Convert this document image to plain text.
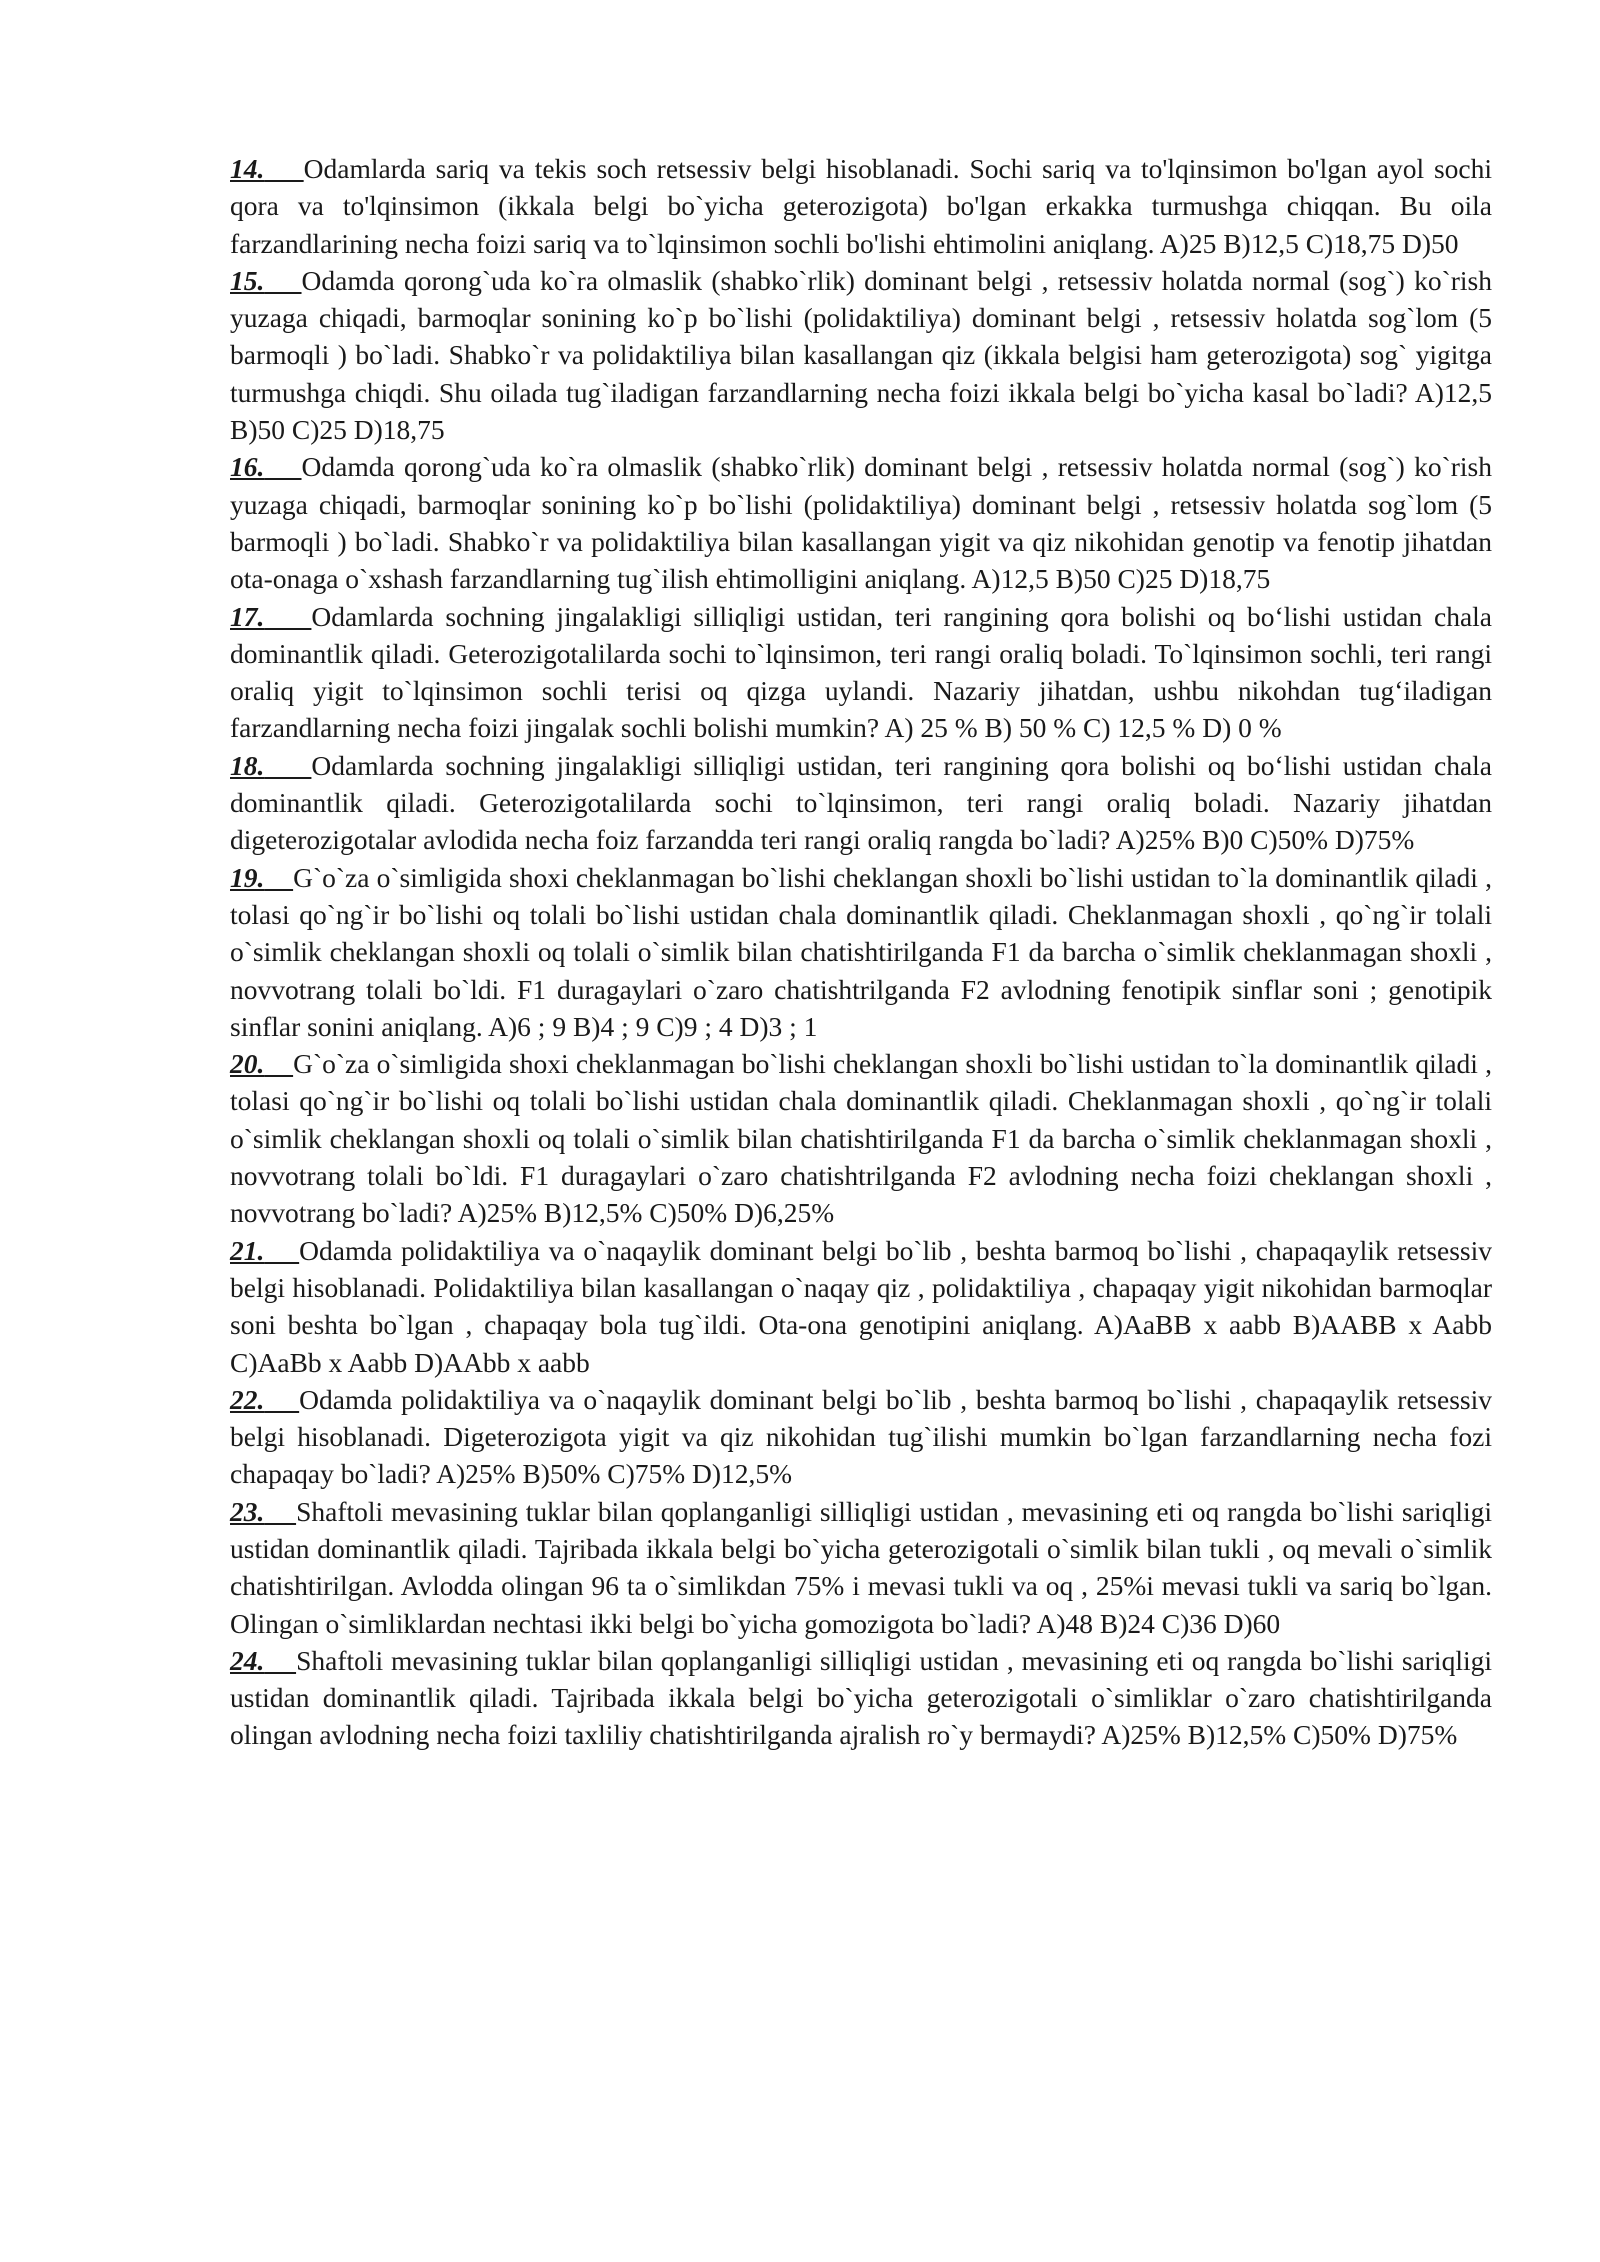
14. Odamlarda sariq va tekis soch retsessiv belgi hisoblanadi. Sochi sariq va to'lqinsimon bo'lgan ayol sochi qora va to'lqinsimon (ikkala belgi bo`yicha geterozigota) bo'lgan erkakka turmushga chiqqan. Bu oila farzandlarining necha foizi sariq va to`lqinsimon sochli bo'lishi ehtimolini aniqlang. A)25 B)12,5 C)18,75 D)50

15. Odamda qorong`uda ko`ra olmaslik (shabko`rlik) dominant belgi , retsessiv holatda normal (sog`) ko`rish yuzaga chiqadi, barmoqlar sonining ko`p bo`lishi (polidaktiliya) dominant belgi , retsessiv holatda sog`lom (5 barmoqli ) bo`ladi. Shabko`r va polidaktiliya bilan kasallangan qiz (ikkala belgisi ham geterozigota) sog` yigitga turmushga chiqdi. Shu oilada tug`iladigan farzandlarning necha foizi ikkala belgi bo`yicha kasal bo`ladi? A)12,5 B)50 C)25 D)18,75

16. Odamda qorong`uda ko`ra olmaslik (shabko`rlik) dominant belgi , retsessiv holatda normal (sog`) ko`rish yuzaga chiqadi, barmoqlar sonining ko`p bo`lishi (polidaktiliya) dominant belgi , retsessiv holatda sog`lom (5 barmoqli ) bo`ladi. Shabko`r va polidaktiliya bilan kasallangan yigit va qiz nikohidan genotip va fenotip jihatdan ota-onaga o`xshash farzandlarning tug`ilish ehtimolligini aniqlang. A)12,5 B)50 C)25 D)18,75

17. Odamlarda sochning jingalakligi silliqligi ustidan, teri rangining qora bolishi oq bo‘lishi ustidan chala dominantlik qiladi. Geterozigotalilarda sochi to`lqinsimon, teri rangi oraliq boladi. To`lqinsimon sochli, teri rangi oraliq yigit to`lqinsimon sochli terisi oq qizga uylandi. Nazariy jihatdan, ushbu nikohdan tug‘iladigan farzandlarning necha foizi jingalak sochli bolishi mumkin? A) 25 % B) 50 % C) 12,5 % D) 0 %

18. Odamlarda sochning jingalakligi silliqligi ustidan, teri rangining qora bolishi oq bo‘lishi ustidan chala dominantlik qiladi. Geterozigotalilarda sochi to`lqinsimon, teri rangi oraliq boladi. Nazariy jihatdan digeterozigotalar avlodida necha foiz farzandda teri rangi oraliq rangda bo`ladi? A)25% B)0 C)50% D)75%

19. G`o`za o`simligida shoxi cheklanmagan bo`lishi cheklangan shoxli bo`lishi ustidan to`la dominantlik qiladi , tolasi qo`ng`ir bo`lishi oq tolali bo`lishi ustidan chala dominantlik qiladi. Cheklanmagan shoxli , qo`ng`ir tolali o`simlik cheklangan shoxli oq tolali o`simlik bilan chatishtirilganda F1 da barcha o`simlik cheklanmagan shoxli , novvotrang tolali bo`ldi. F1 duragaylari o`zaro chatishtrilganda F2 avlodning fenotipik sinflar soni ; genotipik sinflar sonini aniqlang. A)6 ; 9 B)4 ; 9 C)9 ; 4 D)3 ; 1

20. G`o`za o`simligida shoxi cheklanmagan bo`lishi cheklangan shoxli bo`lishi ustidan to`la dominantlik qiladi , tolasi qo`ng`ir bo`lishi oq tolali bo`lishi ustidan chala dominantlik qiladi. Cheklanmagan shoxli , qo`ng`ir tolali o`simlik cheklangan shoxli oq tolali o`simlik bilan chatishtirilganda F1 da barcha o`simlik cheklanmagan shoxli , novvotrang tolali bo`ldi. F1 duragaylari o`zaro chatishtrilganda F2 avlodning necha foizi cheklangan shoxli , novvotrang bo`ladi? A)25% B)12,5% C)50% D)6,25%

21. Odamda polidaktiliya va o`naqaylik dominant belgi bo`lib , beshta barmoq bo`lishi , chapaqaylik retsessiv belgi hisoblanadi. Polidaktiliya bilan kasallangan o`naqay qiz , polidaktiliya , chapaqay yigit nikohidan barmoqlar soni beshta bo`lgan , chapaqay bola tug`ildi. Ota-ona genotipini aniqlang. A)AaBB x aabb B)AABB x Aabb C)AaBb x Aabb D)AAbb x aabb

22. Odamda polidaktiliya va o`naqaylik dominant belgi bo`lib , beshta barmoq bo`lishi , chapaqaylik retsessiv belgi hisoblanadi. Digeterozigota yigit va qiz nikohidan tug`ilishi mumkin bo`lgan farzandlarning necha fozi chapaqay bo`ladi? A)25% B)50% C)75% D)12,5%

23. Shaftoli mevasining tuklar bilan qoplanganligi silliqligi ustidan , mevasining eti oq rangda bo`lishi sariqligi ustidan dominantlik qiladi. Tajribada ikkala belgi bo`yicha geterozigotali o`simlik bilan tukli , oq mevali o`simlik chatishtirilgan. Avlodda olingan 96 ta o`simlikdan 75% i mevasi tukli va oq , 25%i mevasi tukli va sariq bo`lgan. Olingan o`simliklardan nechtasi ikki belgi bo`yicha gomozigota bo`ladi? A)48 B)24 C)36 D)60

24. Shaftoli mevasining tuklar bilan qoplanganligi silliqligi ustidan , mevasining eti oq rangda bo`lishi sariqligi ustidan dominantlik qiladi. Tajribada ikkala belgi bo`yicha geterozigotali o`simliklar o`zaro chatishtirilganda olingan avlodning necha foizi taxliliy chatishtirilganda ajralish ro`y bermaydi? A)25% B)12,5% C)50% D)75%
